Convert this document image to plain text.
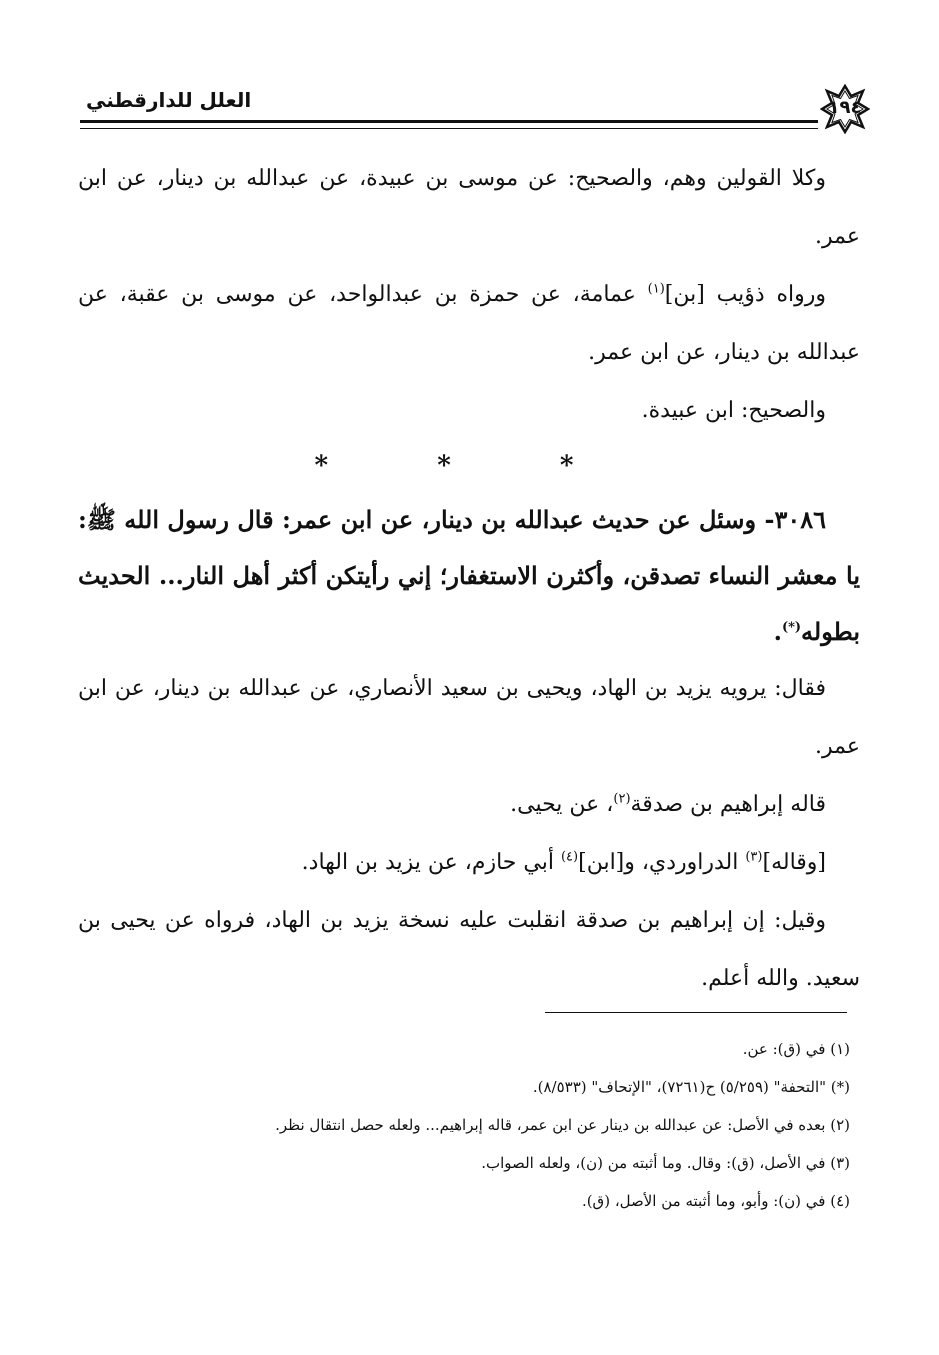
العلل للدارقطني	١٩٤

وكلا القولين وهم، والصحيح: عن موسى بن عبيدة، عن عبدالله بن دينار، عن ابن عمر.

ورواه ذؤيب [بن]$^{(١)}$ عمامة، عن حمزة بن عبدالواحد، عن موسى بن عقبة، عن عبدالله بن دينار، عن ابن عمر.

والصحيح: ابن عبيدة.

* * *

٣٠٨٦- وسئل عن حديث عبدالله بن دينار، عن ابن عمر: قال رسول الله ﷺ: يا معشر النساء تصدقن، وأكثرن الاستغفار؛ إني رأيتكن أكثر أهل النار... الحديث بطوله(*).

فقال: يرويه يزيد بن الهاد، ويحيى بن سعيد الأنصاري، عن عبدالله بن دينار، عن ابن عمر.

قاله إبراهيم بن صدقة$^{(٢)}$، عن يحيى.

[وقاله]$^{(٣)}$ الدراوردي، و[ابن]$^{(٤)}$ أبي حازم، عن يزيد بن الهاد.

وقيل: إن إبراهيم بن صدقة انقلبت عليه نسخة يزيد بن الهاد، فرواه عن يحيى بن سعيد. والله أعلم.

(١) في (ق): عن.

(*) "التحفة" (٥/٢٥٩) ح(٧٢٦١)، "الإتحاف" (٨/٥٣٣).

(٢) بعده في الأصل: عن عبدالله بن دينار عن ابن عمر، قاله إبراهيم... ولعله حصل انتقال نظر.

(٣) في الأصل، (ق): وقال. وما أثبته من (ن)، ولعله الصواب.

(٤) في (ن): وأبو، وما أثبته من الأصل، (ق).
